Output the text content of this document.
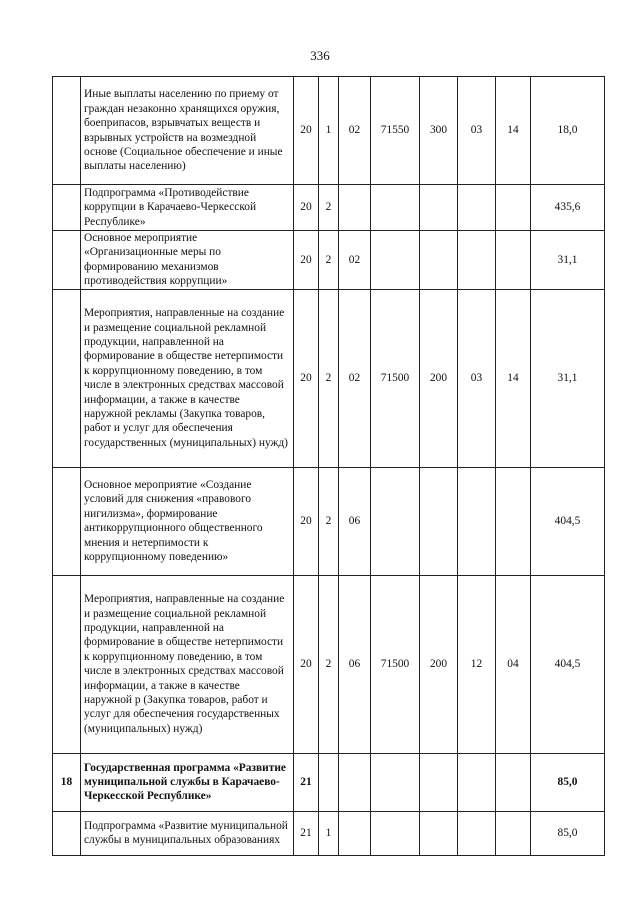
336
	Иные выплаты населению по приему от граждан незаконно хранящихся оружия, боеприпасов, взрывчатых веществ и взрывных устройств на возмездной основе (Социальное обеспечение и иные выплаты населению)	20	1	02	71550	300	03	14	18,0
	Подпрограмма «Противодействие коррупции в Карачаево-Черкесской Республике»	20	2						435,6
	Основное мероприятие «Организационные меры по формированию механизмов противодействия коррупции»	20	2	02					31,1
	Мероприятия, направленные на создание и размещение социальной рекламной продукции, направленной на формирование в обществе нетерпимости к коррупционному поведению, в том числе в электронных средствах массовой информации, а также в качестве наружной рекламы (Закупка товаров, работ и услуг для обеспечения государственных (муниципальных) нужд)	20	2	02	71500	200	03	14	31,1
	Основное мероприятие «Создание условий для снижения «правового нигилизма», формирование антикоррупционного общественного мнения и нетерпимости к коррупционному поведению»	20	2	06					404,5
	Мероприятия, направленные на создание и размещение социальной рекламной продукции, направленной на формирование в обществе нетерпимости к коррупционному поведению, в том числе в электронных средствах массовой информации, а также в качестве наружной р (Закупка товаров, работ и услуг для обеспечения государственных (муниципальных) нужд)	20	2	06	71500	200	12	04	404,5
18	Государственная программа «Развитие муниципальной службы в Карачаево-Черкесской Республике»	21							85,0
	Подпрограмма «Развитие муниципальной службы в муниципальных образованиях	21	1						85,0
